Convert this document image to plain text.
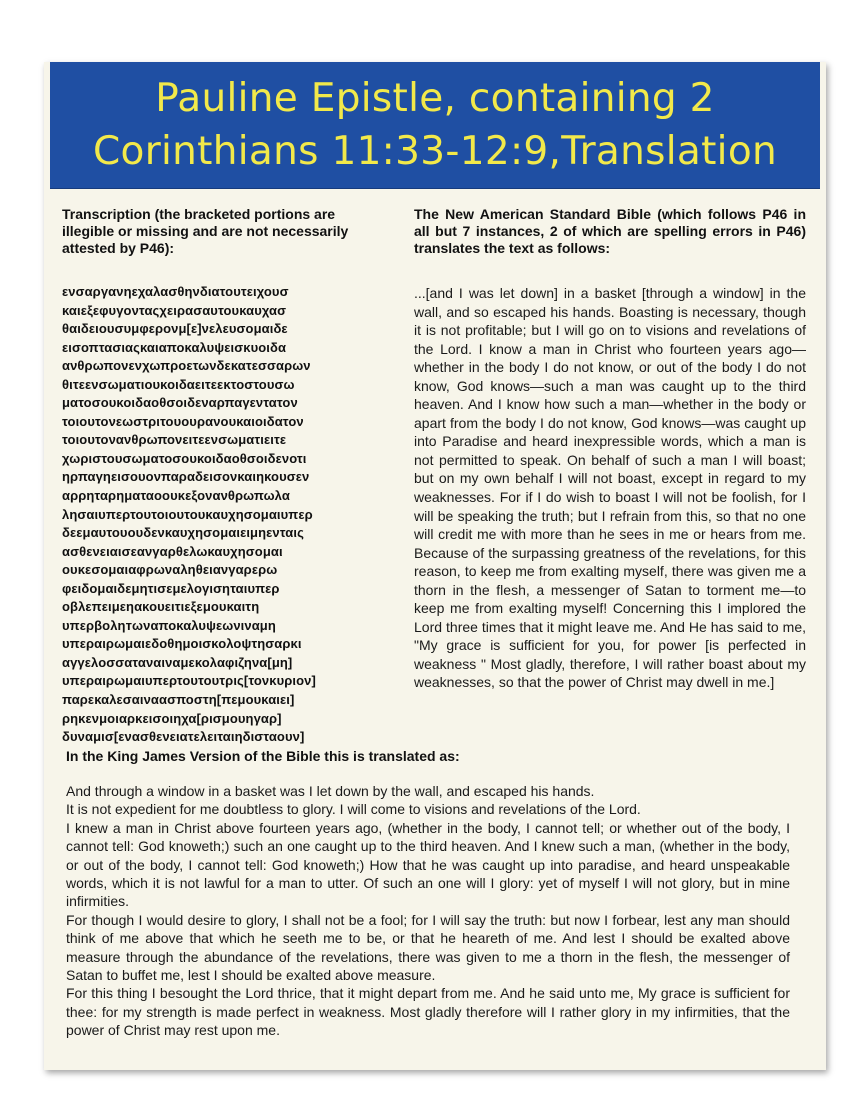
Pauline Epistle, containing 2 Corinthians 11:33-12:9,Translation

Transcription (the bracketed portions are illegible or missing and are not necessarily attested by P46):

ενσαργανηεχαλασθηνδιατουτειχουσ
καιεξεφυγονταςχειρασαυτουκαυχασ
θαιδειουσυμφερονμ[ε]νελευσομαιδε
εισοπτασιαςκαιαποκαλυψεισκυοιδα
ανθρωπονενχωπροετωνδεκατεσσαρων
θιτεενσωματιουκοιδαειτεεκτοστουσω
ματοσουκοιδαοθσοιδεναρπαγεντατον
τοιουτονεωστριτουουρανουκαιοιδατον
τοιουτονανθρωπονειτεενσωματιειτε
χωριστουσωματοσουκοιδαοθσοιδενοτι
ηρπαγηεισουονπαραδεισονκαιηκουσεν
αρρηταρηματαοουκεξονανθρωπωλα
λησαιυπερτουτοιουτουκαυχησομαιυπερ
δεεμαυτουουδενκαυχησομαιειμηενταις
ασθενειαισεανγαρθελωκαυχησομαι
ουκεσομαιαφρωναληθειανγαρερω
φειδομαιδεμητισεμελογισηταιυπερ
οβλεπειμεηακουειτιεξεμουκαιτη
υπερβοληтωναποκαλυψεωνιναμη
υπεραιρωμαιεδοθημοισκολοψτησαρκι
αγγελοσσαταναιναμεκολαφιζηνα[μη]
υπεραιρωμαιυπερτουτουτρις[τονκυριον]
παρεκαλεσαιναασποστη[πεμουκαιει]
ρηκενμοιαρκεισοιηχα[ρισμουηγαρ]
δυναμισ[ενασθενειατελειταιηδισταουν]

The New American Standard Bible (which follows P46 in all but 7 instances, 2 of which are spelling errors in P46) translates the text as follows:

...[and I was let down] in a basket [through a window] in the wall, and so escaped his hands. Boasting is necessary, though it is not profitable; but I will go on to visions and revelations of the Lord. I know a man in Christ who fourteen years ago—whether in the body I do not know, or out of the body I do not know, God knows—such a man was caught up to the third heaven. And I know how such a man—whether in the body or apart from the body I do not know, God knows—was caught up into Paradise and heard inexpressible words, which a man is not permitted to speak. On behalf of such a man I will boast; but on my own behalf I will not boast, except in regard to my weaknesses. For if I do wish to boast I will not be foolish, for I will be speaking the truth; but I refrain from this, so that no one will credit me with more than he sees in me or hears from me. Because of the surpassing greatness of the revelations, for this reason, to keep me from exalting myself, there was given me a thorn in the flesh, a messenger of Satan to torment me—to keep me from exalting myself! Concerning this I implored the Lord three times that it might leave me. And He has said to me, "My grace is sufficient for you, for power [is perfected in weakness " Most gladly, therefore, I will rather boast about my weaknesses, so that the power of Christ may dwell in me.]

In the King James Version of the Bible this is translated as:

And through a window in a basket was I let down by the wall, and escaped his hands.

It is not expedient for me doubtless to glory. I will come to visions and revelations of the Lord.

I knew a man in Christ above fourteen years ago, (whether in the body, I cannot tell; or whether out of the body, I cannot tell: God knoweth;) such an one caught up to the third heaven. And I knew such a man, (whether in the body, or out of the body, I cannot tell: God knoweth;) How that he was caught up into paradise, and heard unspeakable words, which it is not lawful for a man to utter. Of such an one will I glory: yet of myself I will not glory, but in mine infirmities.

For though I would desire to glory, I shall not be a fool; for I will say the truth: but now I forbear, lest any man should think of me above that which he seeth me to be, or that he heareth of me. And lest I should be exalted above measure through the abundance of the revelations, there was given to me a thorn in the flesh, the messenger of Satan to buffet me, lest I should be exalted above measure.

For this thing I besought the Lord thrice, that it might depart from me. And he said unto me, My grace is sufficient for thee: for my strength is made perfect in weakness. Most gladly therefore will I rather glory in my infirmities, that the power of Christ may rest upon me.
